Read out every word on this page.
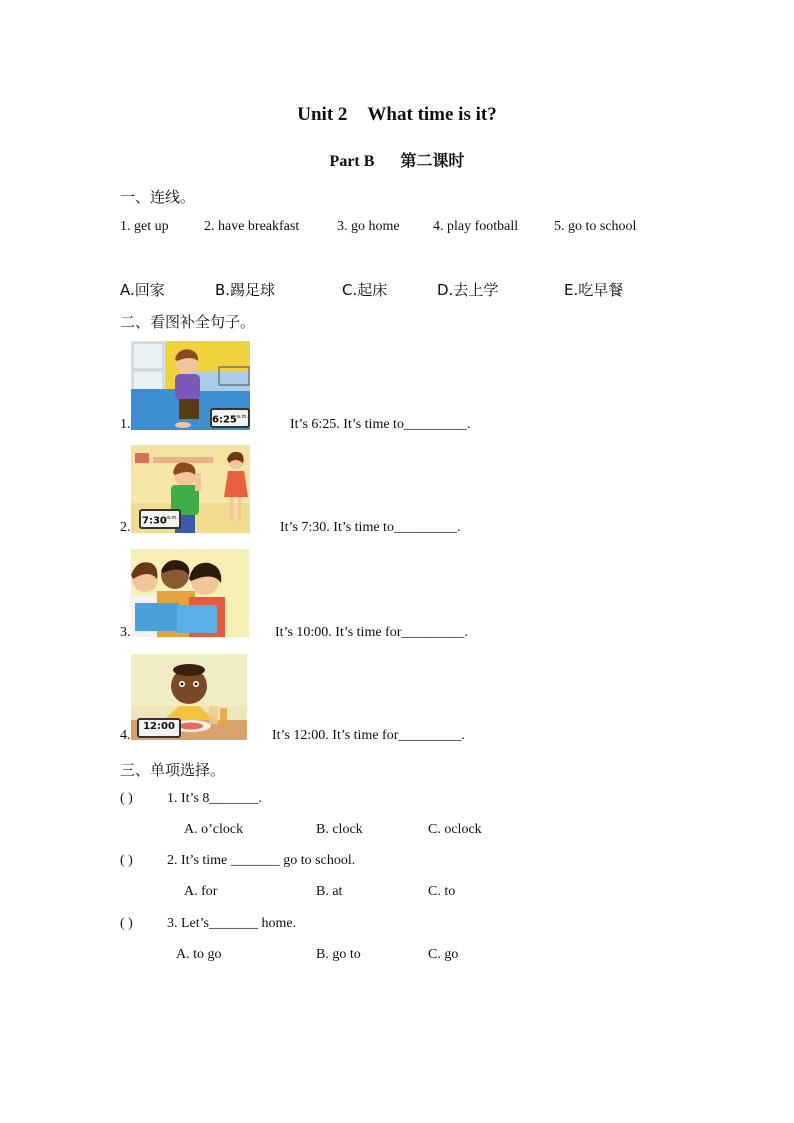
Unit 2 What time is it?
Part B 第二课时
一、连线。
1. get up	2. have breakfast	3. go home 4. play football	5. go to school
A.回家	B.踢足球	C.起床	D.去上学	E.吃早餐
二、看图补全句子。
$6:25^{a.m.}$
1.	It’s 6:25. It’s time to_________.
$7:30^{a.m.}$
2.	It’s 7:30. It’s time to_________.
3.	It’s 10:00. It’s time for_________.
12:00
4.	It’s 12:00. It’s time for_________.
三、单项选择。
( ) 1. It’s 8_______.
A. o’clock	B. clock	C. oclock
( ) 2. It’s time _______ go to school.
A. for	B. at	C. to
( ) 3. Let’s_______ home.
A. to go	B. go to	C. go
